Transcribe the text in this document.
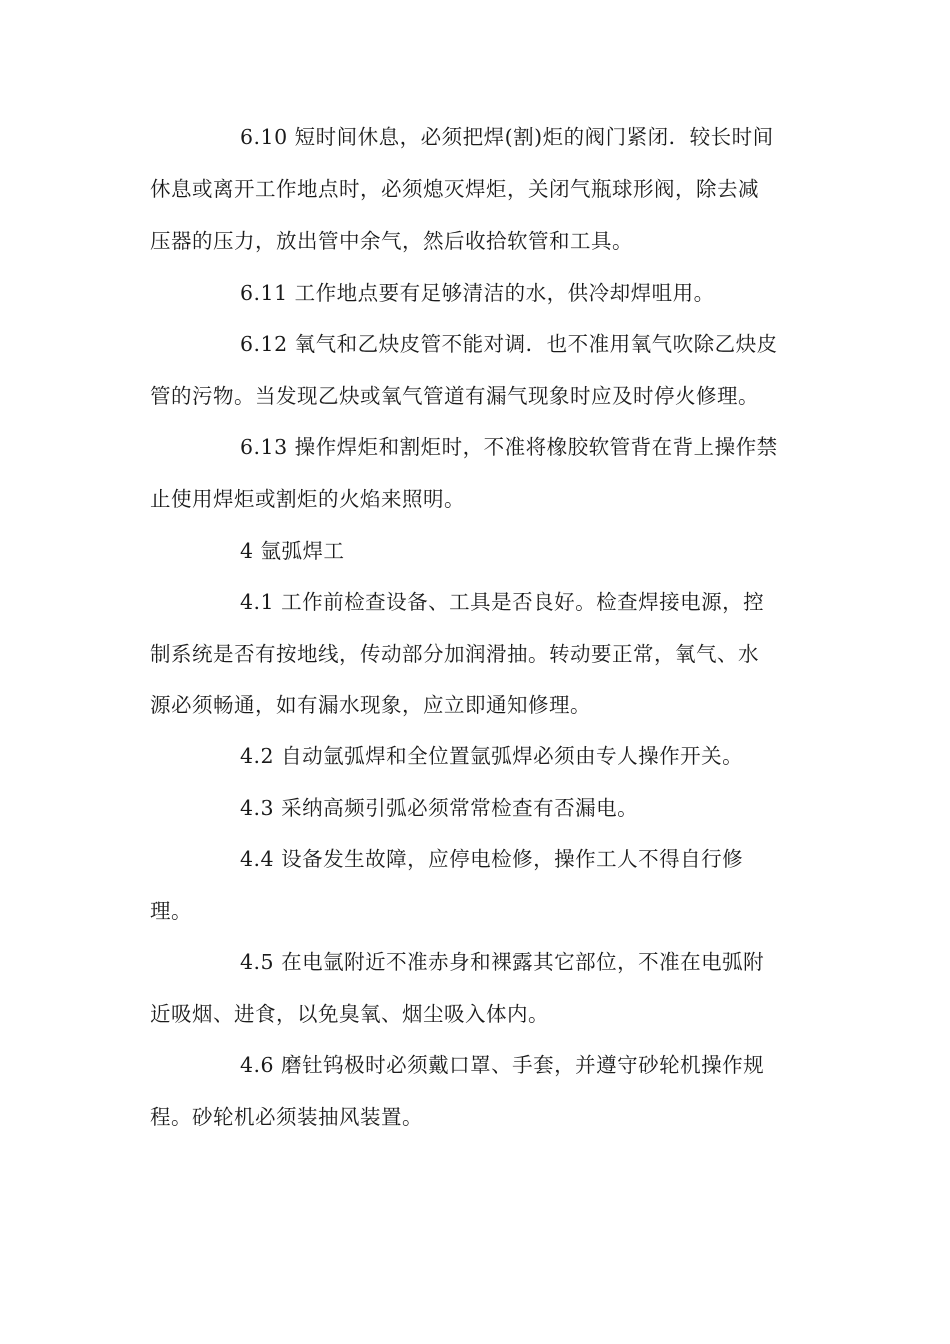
6.10 短时间休息，必须把焊(割)炬的阀门紧闭．较长时间
休息或离开工作地点时，必须熄灭焊炬，关闭气瓶球形阀，除去减
压器的压力，放出管中余气，然后收拾软管和工具。
6.11 工作地点要有足够清洁的水，供冷却焊咀用。
6.12 氧气和乙炔皮管不能对调．也不准用氧气吹除乙炔皮
管的污物。当发现乙炔或氧气管道有漏气现象时应及时停火修理。
6.13 操作焊炬和割炬时，不准将橡胶软管背在背上操作禁
止使用焊炬或割炬的火焰来照明。
4 氩弧焊工
4.1 工作前检查设备、工具是否良好。检查焊接电源，控
制系统是否有按地线，传动部分加润滑抽。转动要正常，氧气、水
源必须畅通，如有漏水现象，应立即通知修理。
4.2 自动氩弧焊和全位置氩弧焊必须由专人操作开关。
4.3 采纳高频引弧必须常常检查有否漏电。
4.4 设备发生故障，应停电检修，操作工人不得自行修
理。
4.5 在电氩附近不准赤身和裸露其它部位，不准在电弧附
近吸烟、进食，以免臭氧、烟尘吸入体内。
4.6 磨钍钨极时必须戴口罩、手套，并遵守砂轮机操作规
程。砂轮机必须装抽风装置。
